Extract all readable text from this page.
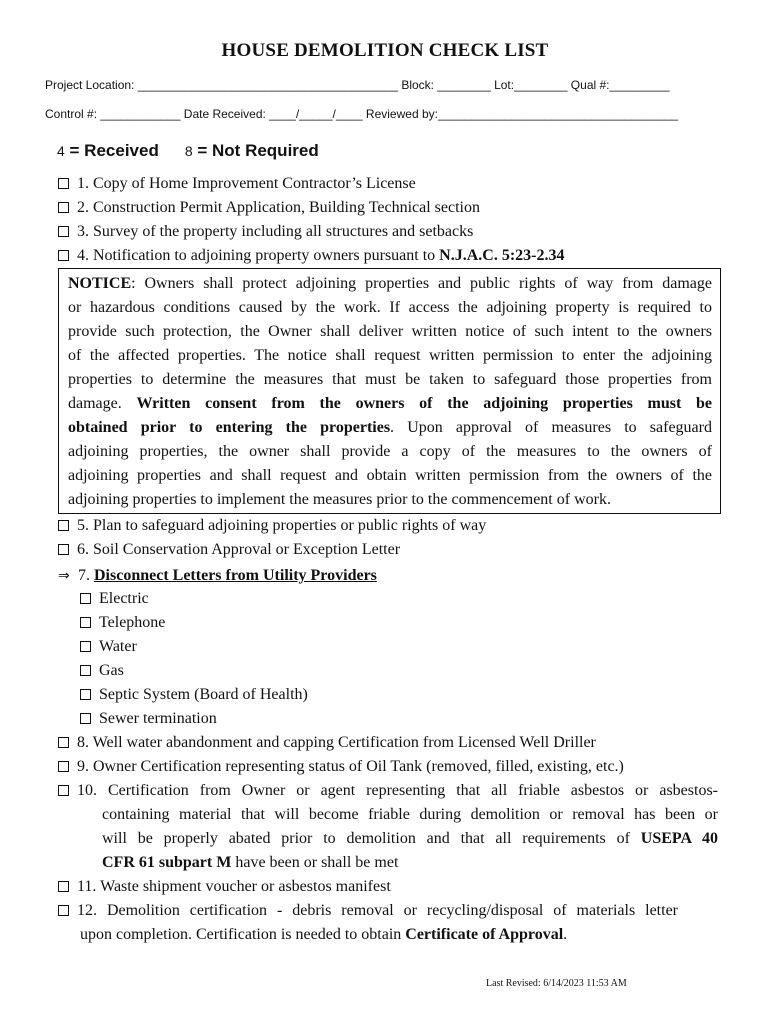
HOUSE DEMOLITION CHECK LIST
Project Location: _______________________________________ Block: ________ Lot:________ Qual #:_________
Control #: ____________ Date Received: ____/_____/____ Reviewed by:____________________________________
4 = Received 8 = Not Required
1. Copy of Home Improvement Contractor’s License
2. Construction Permit Application, Building Technical section
3. Survey of the property including all structures and setbacks
4. Notification to adjoining property owners pursuant to N.J.A.C. 5:23-2.34
NOTICE: Owners shall protect adjoining properties and public rights of way from damage
or hazardous conditions caused by the work. If access the adjoining property is required to
provide such protection, the Owner shall deliver written notice of such intent to the owners
of the affected properties. The notice shall request written permission to enter the adjoining
properties to determine the measures that must be taken to safeguard those properties from
damage. Written consent from the owners of the adjoining properties must be
obtained prior to entering the properties. Upon approval of measures to safeguard
adjoining properties, the owner shall provide a copy of the measures to the owners of
adjoining properties and shall request and obtain written permission from the owners of the
adjoining properties to implement the measures prior to the commencement of work.
5. Plan to safeguard adjoining properties or public rights of way
6. Soil Conservation Approval or Exception Letter
⇒ 7. Disconnect Letters from Utility Providers
Electric
Telephone
Water
Gas
Septic System (Board of Health)
Sewer termination
8. Well water abandonment and capping Certification from Licensed Well Driller
9. Owner Certification representing status of Oil Tank (removed, filled, existing, etc.)
10. Certification from Owner or agent representing that all friable asbestos or asbestos-
containing material that will become friable during demolition or removal has been or
will be properly abated prior to demolition and that all requirements of USEPA 40
CFR 61 subpart M have been or shall be met
11. Waste shipment voucher or asbestos manifest
12. Demolition certification - debris removal or recycling/disposal of materials letter
upon completion. Certification is needed to obtain Certificate of Approval.
Last Revised: 6/14/2023 11:53 AM
